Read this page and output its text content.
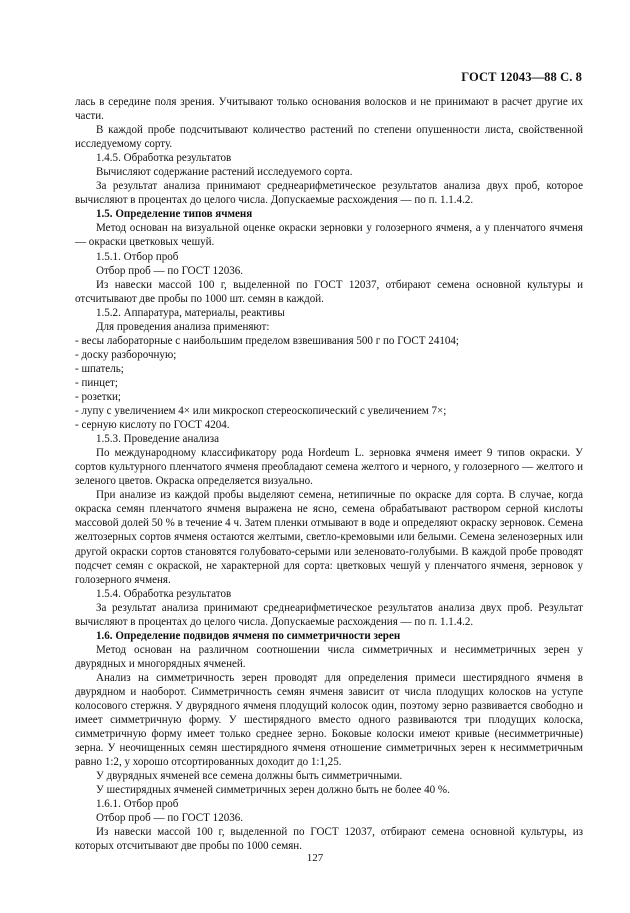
ГОСТ 12043—88 С. 8

лась в середине поля зрения. Учитывают только основания волосков и не принимают в расчет другие их части.

В каждой пробе подсчитывают количество растений по степени опушенности листа, свойственной исследуемому сорту.

1.4.5. Обработка результатов

Вычисляют содержание растений исследуемого сорта.

За результат анализа принимают среднеарифметическое результатов анализа двух проб, которое вычисляют в процентах до целого числа. Допускаемые расхождения — по п. 1.1.4.2.

1.5. Определение типов ячменя

Метод основан на визуальной оценке окраски зерновки у голозерного ячменя, а у пленчатого ячменя — окраски цветковых чешуй.

1.5.1. Отбор проб

Отбор проб — по ГОСТ 12036.

Из навески массой 100 г, выделенной по ГОСТ 12037, отбирают семена основной культуры и отсчитывают две пробы по 1000 шт. семян в каждой.

1.5.2. Аппаратура, материалы, реактивы

Для проведения анализа применяют:

- весы лабораторные с наибольшим пределом взвешивания 500 г по ГОСТ 24104;

- доску разборочную;

- шпатель;

- пинцет;

- розетки;

- лупу с увеличением 4× или микроскоп стереоскопический с увеличением 7×;

- серную кислоту по ГОСТ 4204.

1.5.3. Проведение анализа

По международному классификатору рода Hordeum L. зерновка ячменя имеет 9 типов окраски. У сортов культурного пленчатого ячменя преобладают семена желтого и черного, у голозерного — желтого и зеленого цветов. Окраска определяется визуально.

При анализе из каждой пробы выделяют семена, нетипичные по окраске для сорта. В случае, когда окраска семян пленчатого ячменя выражена не ясно, семена обрабатывают раствором серной кислоты массовой долей 50 % в течение 4 ч. Затем пленки отмывают в воде и определяют окраску зерновок. Семена желтозерных сортов ячменя остаются желтыми, светло-кремовыми или белыми. Семена зеленозерных или другой окраски сортов становятся голубовато-серыми или зеленовато-голубыми. В каждой пробе проводят подсчет семян с окраской, не характерной для сорта: цветковых чешуй у пленчатого ячменя, зерновок у голозерного ячменя.

1.5.4. Обработка результатов

За результат анализа принимают среднеарифметическое результатов анализа двух проб. Результат вычисляют в процентах до целого числа. Допускаемые расхождения — по п. 1.1.4.2.

1.6. Определение подвидов ячменя по симметричности зерен

Метод основан на различном соотношении числа симметричных и несимметричных зерен у двурядных и многорядных ячменей.

Анализ на симметричность зерен проводят для определения примеси шестирядного ячменя в двурядном и наоборот. Симметричность семян ячменя зависит от числа плодущих колосков на уступе колосового стержня. У двурядного ячменя плодущий колосок один, поэтому зерно развивается свободно и имеет симметричную форму. У шестирядного вместо одного развиваются три плодущих колоска, симметричную форму имеет только среднее зерно. Боковые колоски имеют кривые (несимметричные) зерна. У неочищенных семян шестирядного ячменя отношение симметричных зерен к несимметричным равно 1:2, у хорошо отсортированных доходит до 1:1,25.

У двурядных ячменей все семена должны быть симметричными.

У шестирядных ячменей симметричных зерен должно быть не более 40 %.

1.6.1. Отбор проб

Отбор проб — по ГОСТ 12036.

Из навески массой 100 г, выделенной по ГОСТ 12037, отбирают семена основной культуры, из которых отсчитывают две пробы по 1000 семян.

127
